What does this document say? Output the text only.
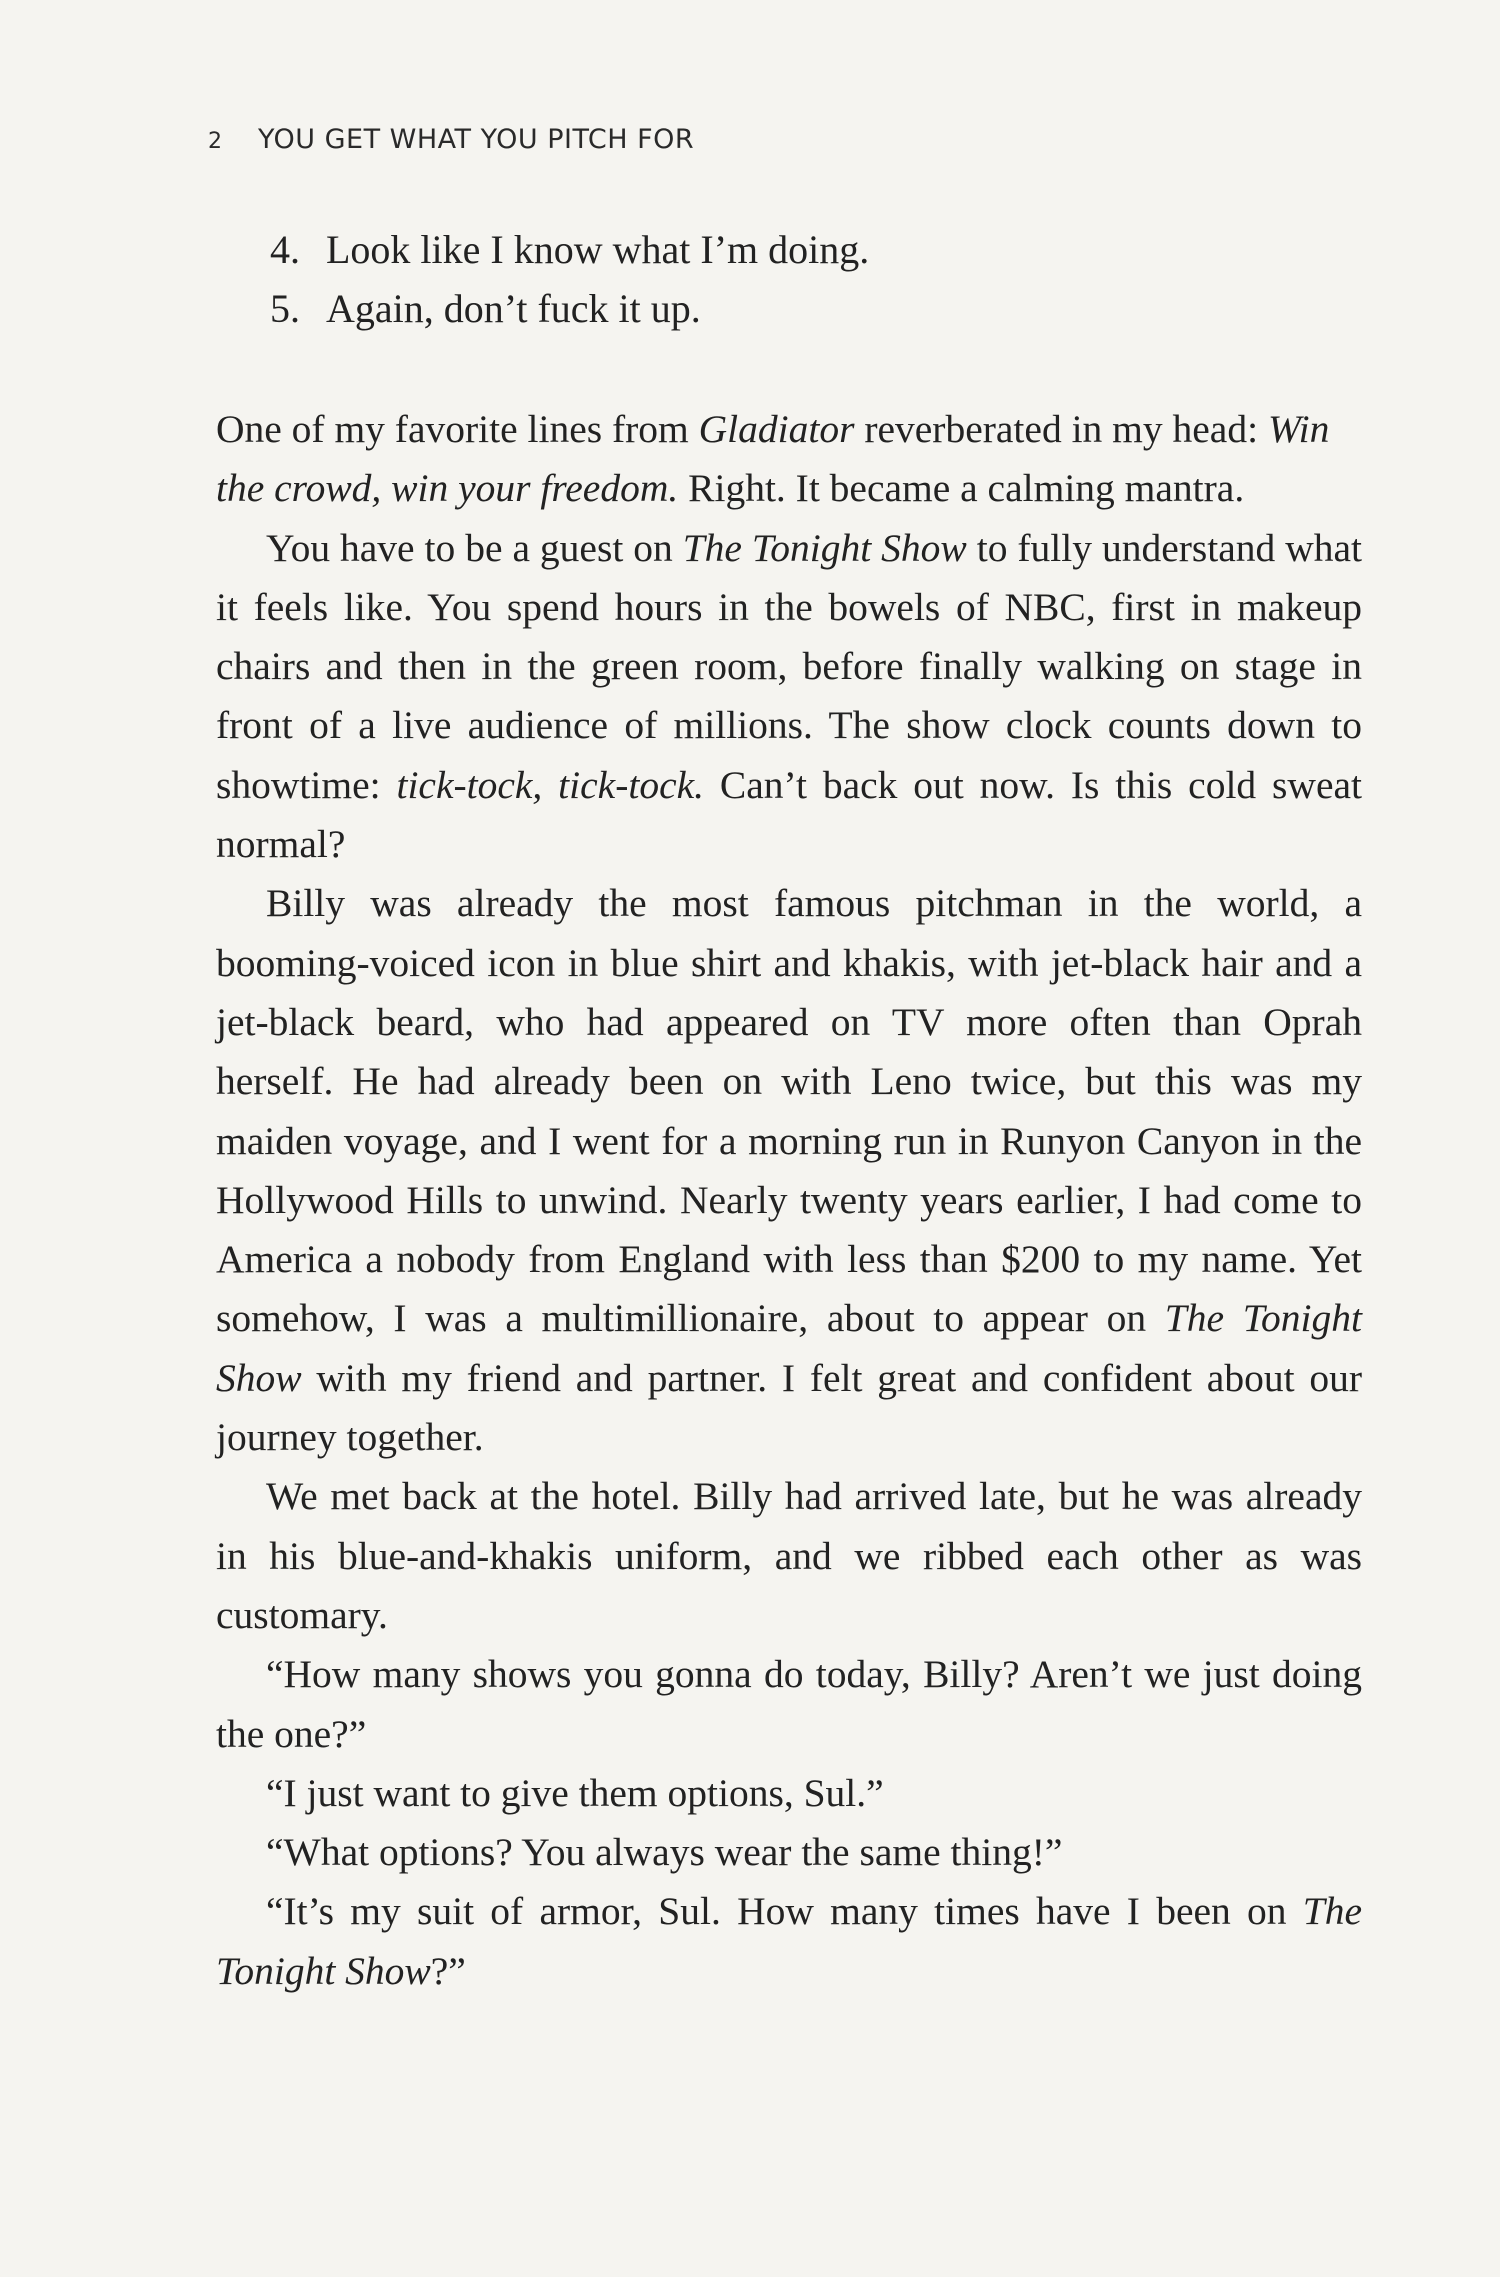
2 YOU GET WHAT YOU PITCH FOR
4. Look like I know what I’m doing.
5. Again, don’t fuck it up.

One of my favorite lines from Gladiator reverberated in my head: Win the crowd, win your freedom. Right. It became a calming mantra.

You have to be a guest on The Tonight Show to fully understand what it feels like. You spend hours in the bowels of NBC, first in makeup chairs and then in the green room, before finally walking on stage in front of a live audience of millions. The show clock counts down to showtime: tick-tock, tick-tock. Can’t back out now. Is this cold sweat normal?

Billy was already the most famous pitchman in the world, a booming-voiced icon in blue shirt and khakis, with jet-black hair and a jet-black beard, who had appeared on TV more often than Oprah herself. He had already been on with Leno twice, but this was my maiden voyage, and I went for a morning run in Runyon Canyon in the Hollywood Hills to unwind. Nearly twenty years earlier, I had come to America a nobody from England with less than $200 to my name. Yet somehow, I was a multimillionaire, about to appear on The Tonight Show with my friend and partner. I felt great and confident about our journey together.

We met back at the hotel. Billy had arrived late, but he was already in his blue-and-khakis uniform, and we ribbed each other as was customary.

“How many shows you gonna do today, Billy? Aren’t we just doing the one?”

“I just want to give them options, Sul.”

“What options? You always wear the same thing!”

“It’s my suit of armor, Sul. How many times have I been on The Tonight Show?”
